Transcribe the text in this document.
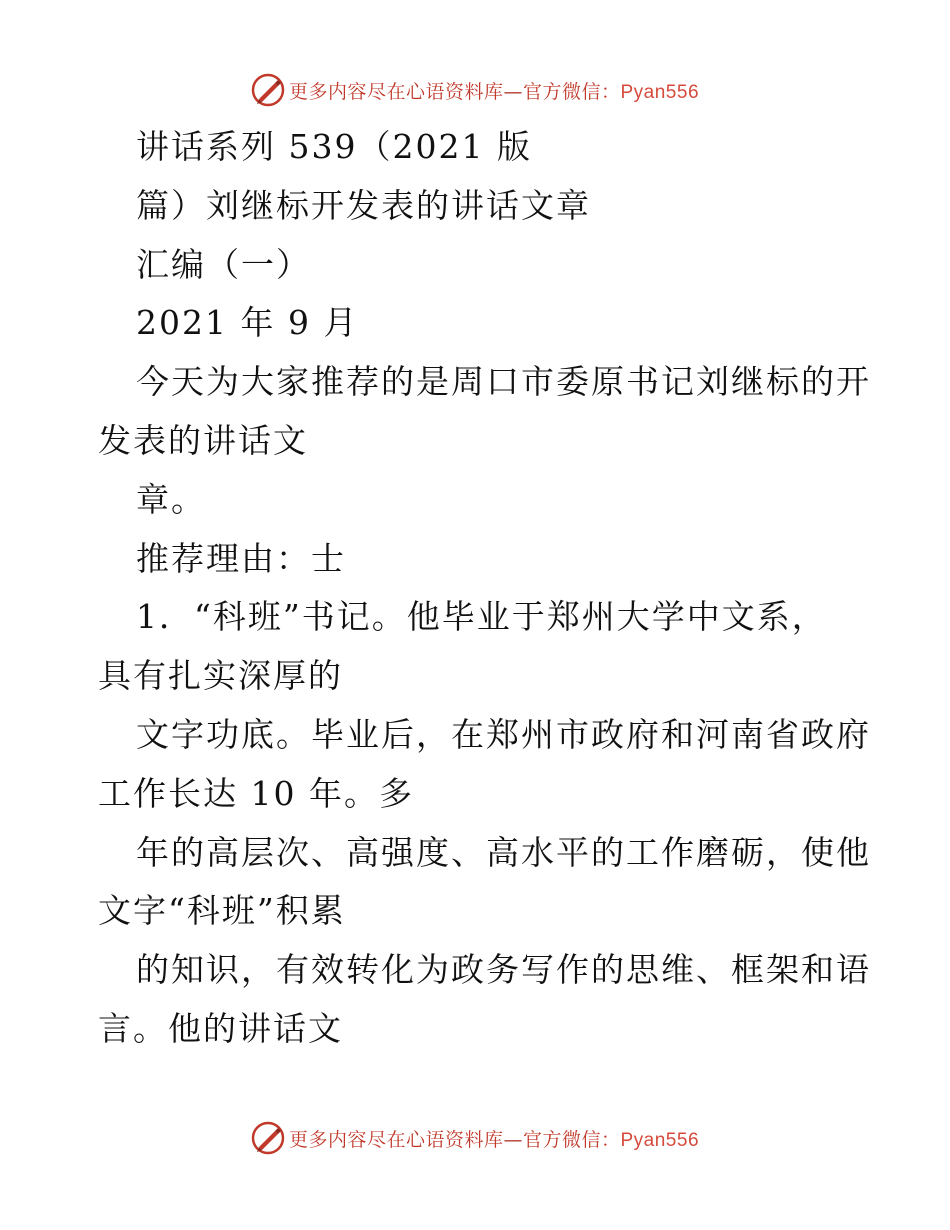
更多内容尽在心语资料库—官方微信：Pyan556
讲话系列 539（2021 版
篇）刘继标开发表的讲话文章
汇编（一）
2021 年 9 月
今天为大家推荐的是周口市委原书记刘继标的开
发表的讲话文
章。
推荐理由：士
1．“科班”书记。他毕业于郑州大学中文系，
具有扎实深厚的
文字功底。毕业后，在郑州市政府和河南省政府
工作长达 10 年。多
年的高层次、高强度、高水平的工作磨砺，使他
文字“科班”积累
的知识，有效转化为政务写作的思维、框架和语
言。他的讲话文
更多内容尽在心语资料库—官方微信：Pyan556
